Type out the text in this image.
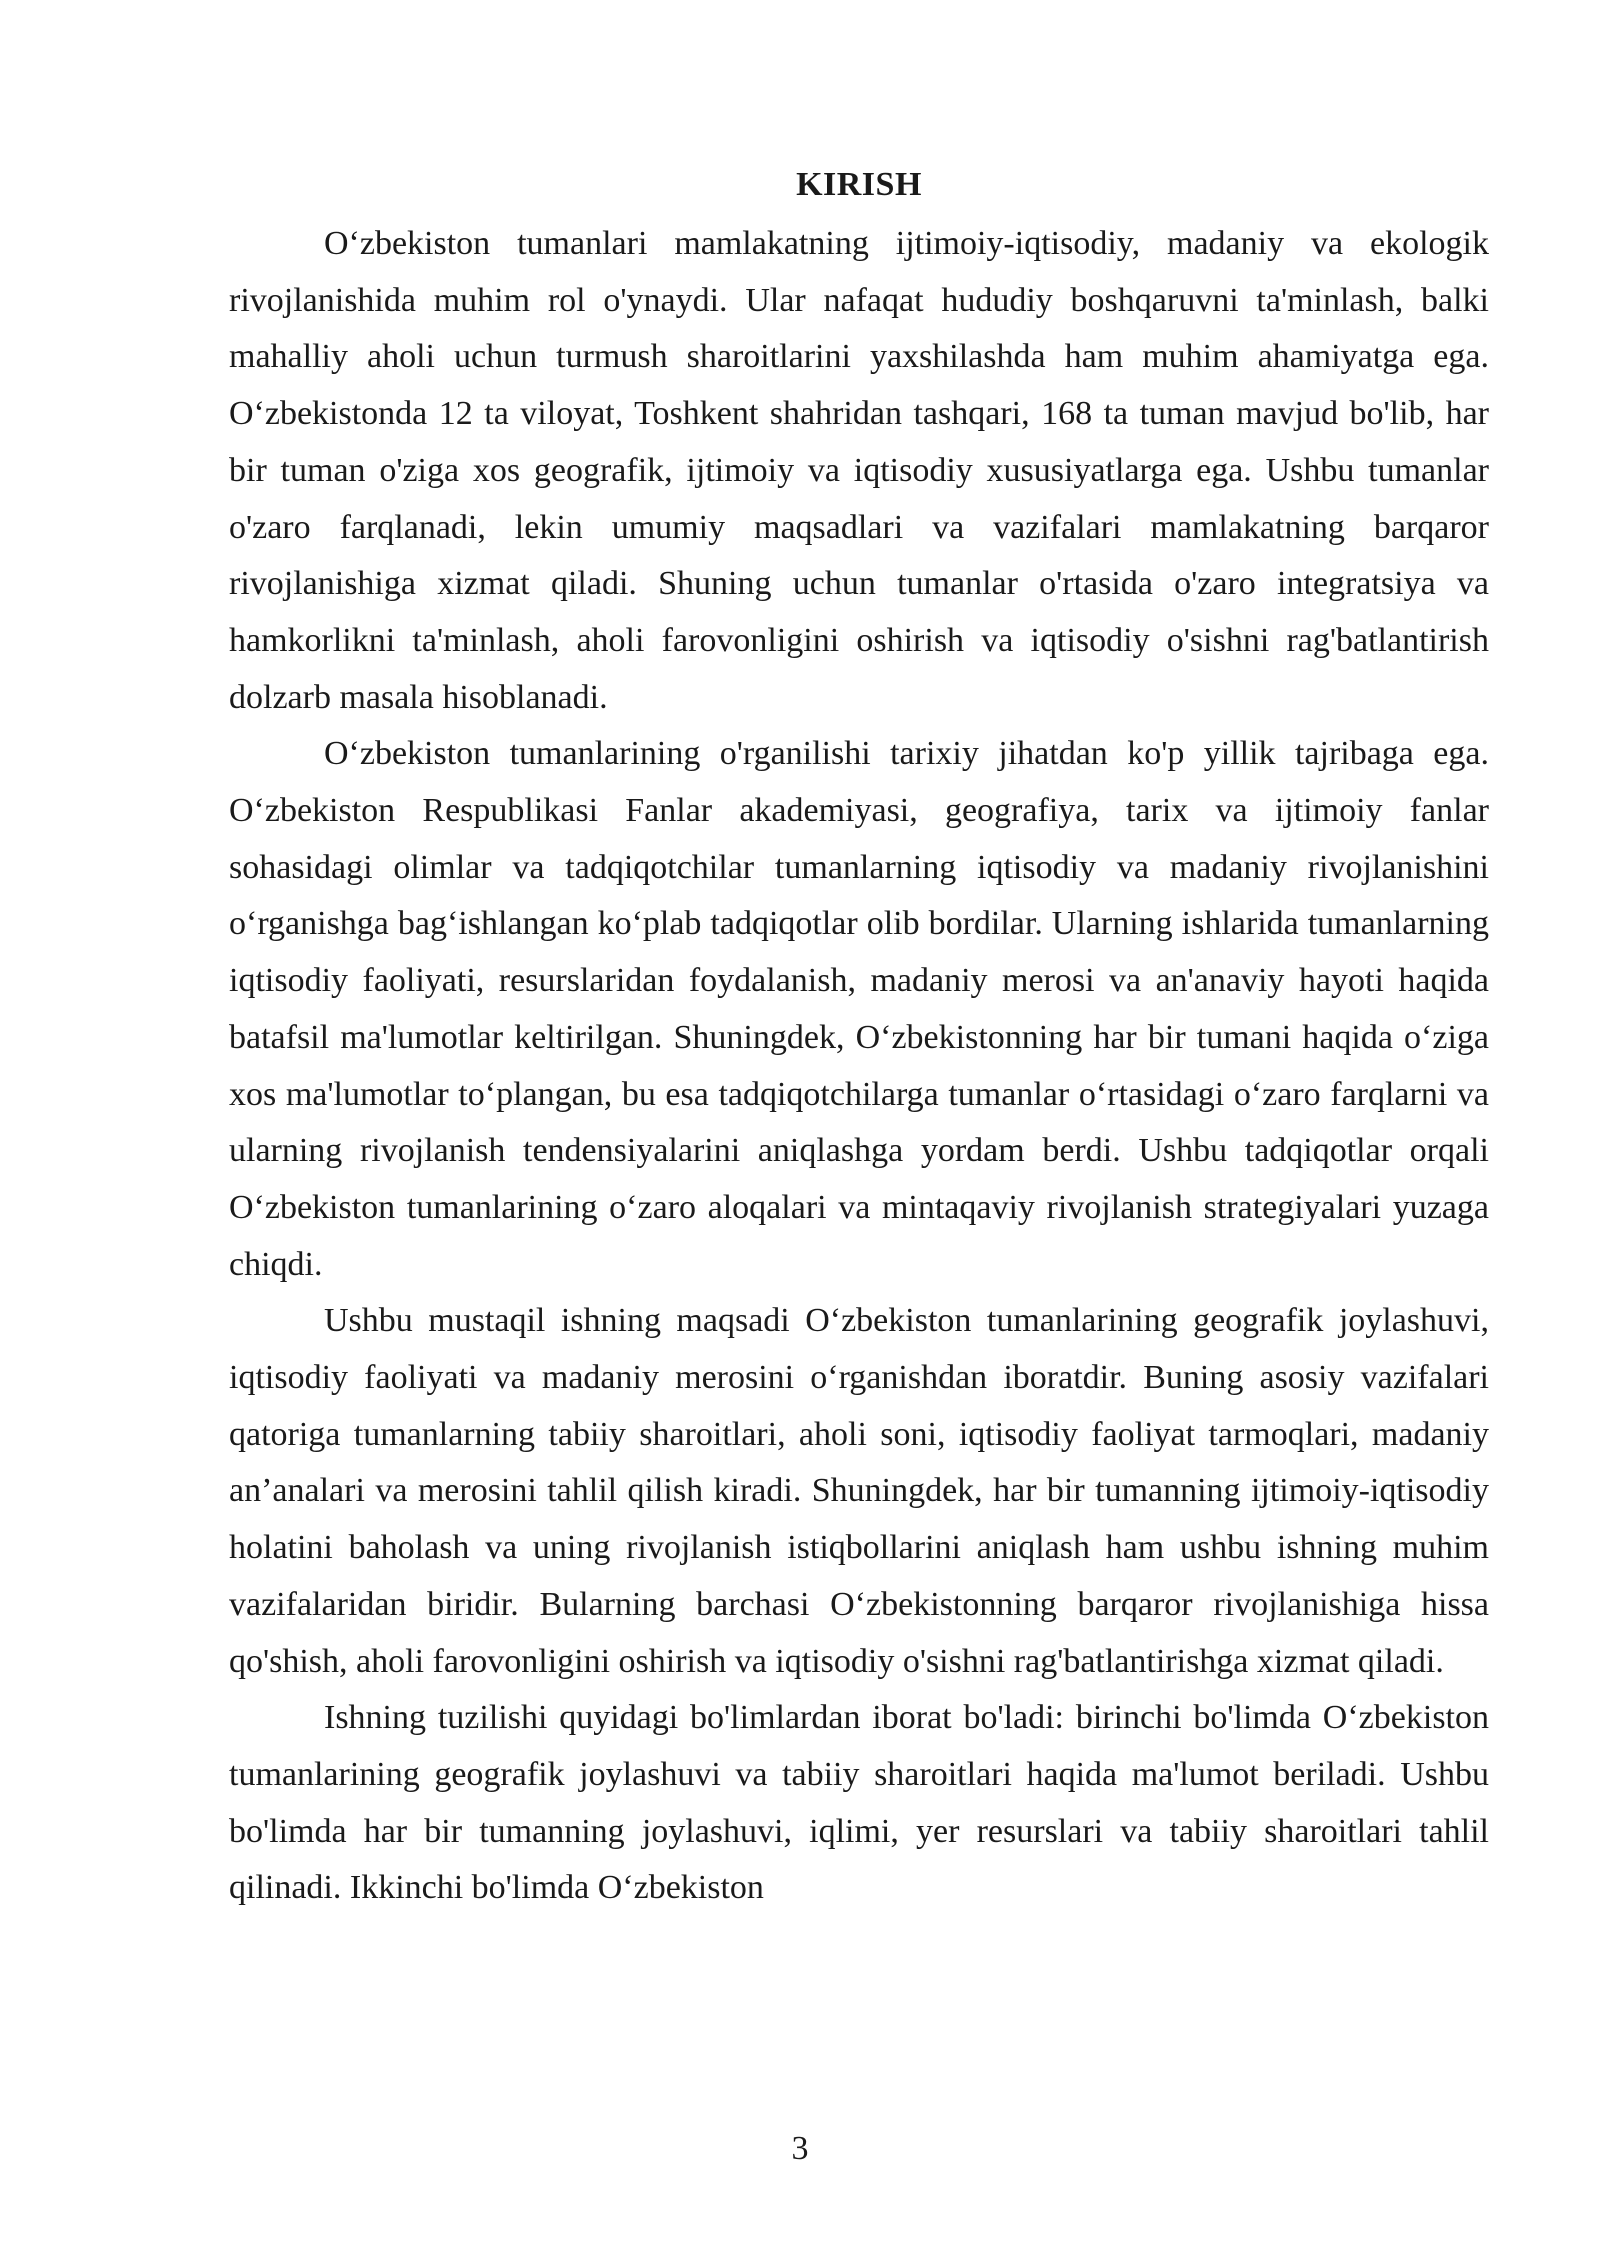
KIRISH

O‘zbekiston tumanlari mamlakatning ijtimoiy-iqtisodiy, madaniy va ekologik rivojlanishida muhim rol o'ynaydi. Ular nafaqat hududiy boshqaruvni ta'minlash, balki mahalliy aholi uchun turmush sharoitlarini yaxshilashda ham muhim ahamiyatga ega. O‘zbekistonda 12 ta viloyat, Toshkent shahridan tashqari, 168 ta tuman mavjud bo'lib, har bir tuman o'ziga xos geografik, ijtimoiy va iqtisodiy xususiyatlarga ega. Ushbu tumanlar o'zaro farqlanadi, lekin umumiy maqsadlari va vazifalari mamlakatning barqaror rivojlanishiga xizmat qiladi. Shuning uchun tumanlar o'rtasida o'zaro integratsiya va hamkorlikni ta'minlash, aholi farovonligini oshirish va iqtisodiy o'sishni rag'batlantirish dolzarb masala hisoblanadi.

O‘zbekiston tumanlarining o'rganilishi tarixiy jihatdan ko'p yillik tajribaga ega. O‘zbekiston Respublikasi Fanlar akademiyasi, geografiya, tarix va ijtimoiy fanlar sohasidagi olimlar va tadqiqotchilar tumanlarning iqtisodiy va madaniy rivojlanishini o‘rganishga bag‘ishlangan ko‘plab tadqiqotlar olib bordilar. Ularning ishlarida tumanlarning iqtisodiy faoliyati, resurslaridan foydalanish, madaniy merosi va an'anaviy hayoti haqida batafsil ma'lumotlar keltirilgan. Shuningdek, O‘zbekistonning har bir tumani haqida o‘ziga xos ma'lumotlar to‘plangan, bu esa tadqiqotchilarga tumanlar o‘rtasidagi o‘zaro farqlarni va ularning rivojlanish tendensiyalarini aniqlashga yordam berdi. Ushbu tadqiqotlar orqali O‘zbekiston tumanlarining o‘zaro aloqalari va mintaqaviy rivojlanish strategiyalari yuzaga chiqdi.

Ushbu mustaqil ishning maqsadi O‘zbekiston tumanlarining geografik joylashuvi, iqtisodiy faoliyati va madaniy merosini o‘rganishdan iboratdir. Buning asosiy vazifalari qatoriga tumanlarning tabiiy sharoitlari, aholi soni, iqtisodiy faoliyat tarmoqlari, madaniy an’analari va merosini tahlil qilish kiradi. Shuningdek, har bir tumanning ijtimoiy-iqtisodiy holatini baholash va uning rivojlanish istiqbollarini aniqlash ham ushbu ishning muhim vazifalaridan biridir. Bularning barchasi O‘zbekistonning barqaror rivojlanishiga hissa qo'shish, aholi farovonligini oshirish va iqtisodiy o'sishni rag'batlantirishga xizmat qiladi.

Ishning tuzilishi quyidagi bo'limlardan iborat bo'ladi: birinchi bo'limda O‘zbekiston tumanlarining geografik joylashuvi va tabiiy sharoitlari haqida ma'lumot beriladi. Ushbu bo'limda har bir tumanning joylashuvi, iqlimi, yer resurslari va tabiiy sharoitlari tahlil qilinadi. Ikkinchi bo'limda O‘zbekiston

3
